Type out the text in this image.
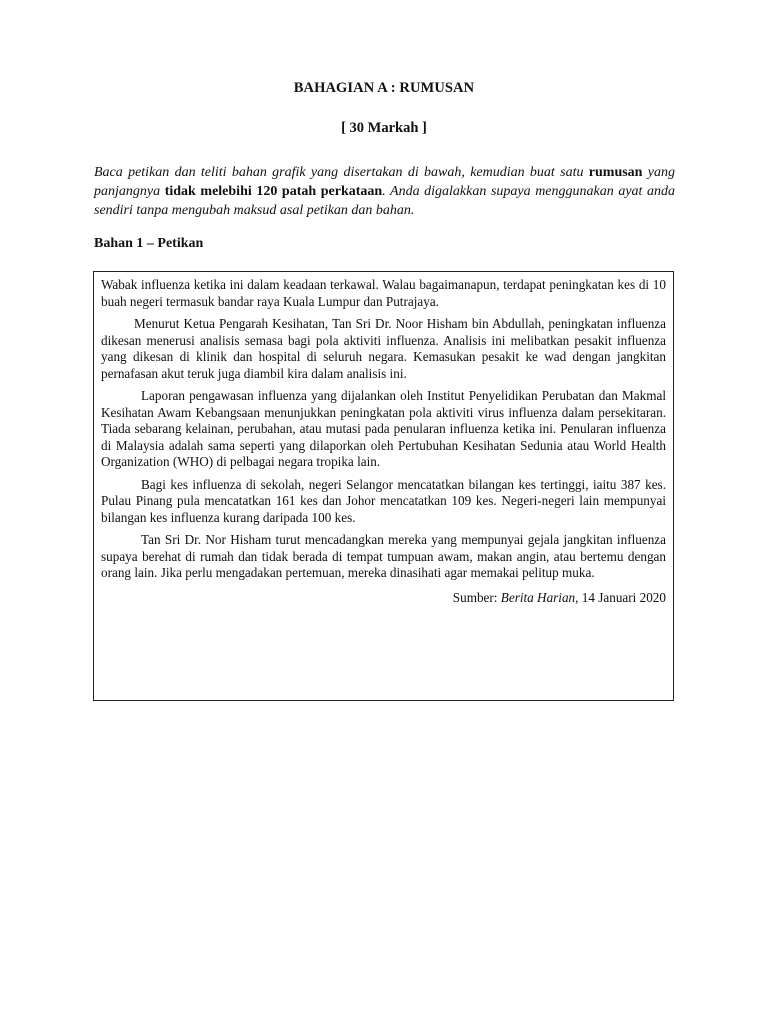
BAHAGIAN A : RUMUSAN
[ 30 Markah ]
Baca petikan dan teliti bahan grafik yang disertakan di bawah, kemudian buat satu rumusan yang panjangnya tidak melebihi 120 patah perkataan. Anda digalakkan supaya menggunakan ayat anda sendiri tanpa mengubah maksud asal petikan dan bahan.
Bahan 1 – Petikan

Wabak influenza ketika ini dalam keadaan terkawal. Walau bagaimanapun, terdapat peningkatan kes di 10 buah negeri termasuk bandar raya Kuala Lumpur dan Putrajaya.

Menurut Ketua Pengarah Kesihatan, Tan Sri Dr. Noor Hisham bin Abdullah, peningkatan influenza dikesan menerusi analisis semasa bagi pola aktiviti influenza. Analisis ini melibatkan pesakit influenza yang dikesan di klinik dan hospital di seluruh negara. Kemasukan pesakit ke wad dengan jangkitan pernafasan akut teruk juga diambil kira dalam analisis ini.

Laporan pengawasan influenza yang dijalankan oleh Institut Penyelidikan Perubatan dan Makmal Kesihatan Awam Kebangsaan menunjukkan peningkatan pola aktiviti virus influenza dalam persekitaran. Tiada sebarang kelainan, perubahan, atau mutasi pada penularan influenza ketika ini. Penularan influenza di Malaysia adalah sama seperti yang dilaporkan oleh Pertubuhan Kesihatan Sedunia atau World Health Organization (WHO) di pelbagai negara tropika lain.

Bagi kes influenza di sekolah, negeri Selangor mencatatkan bilangan kes tertinggi, iaitu 387 kes. Pulau Pinang pula mencatatkan 161 kes dan Johor mencatatkan 109 kes. Negeri-negeri lain mempunyai bilangan kes influenza kurang daripada 100 kes.

Tan Sri Dr. Nor Hisham turut mencadangkan mereka yang mempunyai gejala jangkitan influenza supaya berehat di rumah dan tidak berada di tempat tumpuan awam, makan angin, atau bertemu dengan orang lain. Jika perlu mengadakan pertemuan, mereka dinasihati agar memakai pelitup muka.

Sumber: Berita Harian, 14 Januari 2020
